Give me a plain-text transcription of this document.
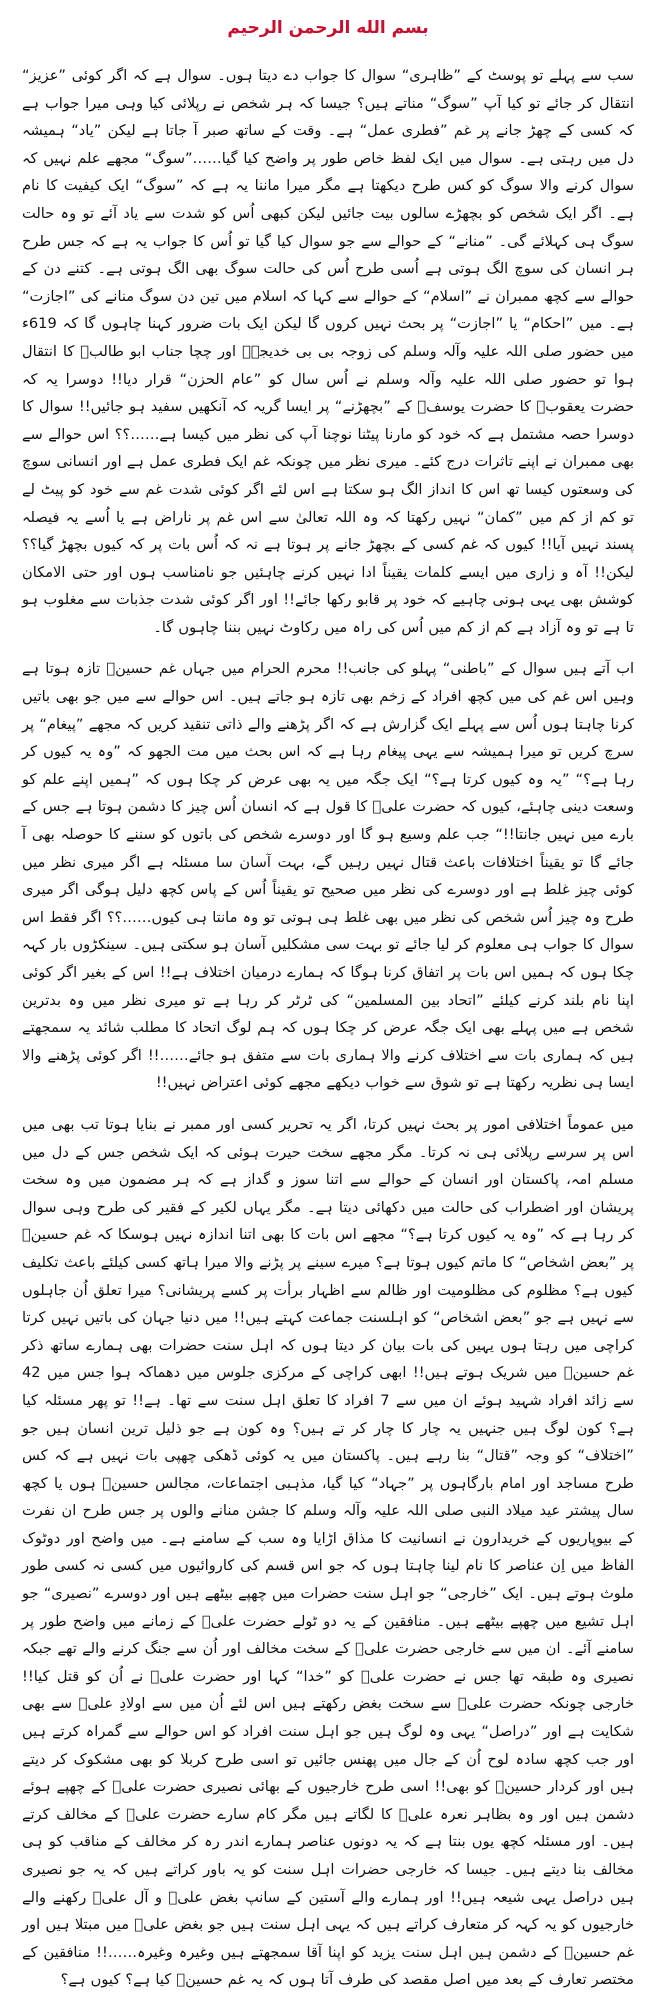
بسم الله الرحمن الرحیم

سب سے پہلے تو پوسٹ کے ”ظاہری“ سوال کا جواب دے دیتا ہوں۔ سوال ہے کہ اگر کوئی ”عزیز“ انتقال کر جائے تو کیا آپ ”سوگ“ مناتے ہیں؟ جیسا کہ ہر شخص نے رپلائی کیا وہی میرا جواب ہے کہ کسی کے چھڑ جانے پر غم ”فطری عمل“ ہے۔ وقت کے ساتھ صبر آ جاتا ہے لیکن ”یاد“ ہمیشہ دل میں رہتی ہے۔ سوال میں ایک لفظ خاص طور پر واضح کیا گیا……”سوگ“ مجھے علم نہیں کہ سوال کرنے والا سوگ کو کس طرح دیکھتا ہے مگر میرا ماننا یہ ہے کہ ”سوگ“ ایک کیفیت کا نام ہے۔ اگر ایک شخص کو بچھڑے سالوں بیت جائیں لیکن کبھی اُس کو شدت سے یاد آئے تو وہ حالت سوگ ہی کہلائے گی۔ ”منانے“ کے حوالے سے جو سوال کیا گیا تو اُس کا جواب یہ ہے کہ جس طرح ہر انسان کی سوچ الگ ہوتی ہے اُسی طرح اُس کی حالت سوگ بھی الگ ہوتی ہے۔ کتنے دن کے حوالے سے کچھ ممبران نے ”اسلام“ کے حوالے سے کہا کہ اسلام میں تین دن سوگ منانے کی ”اجازت“ ہے۔ میں ”احکام“ یا ”اجازت“ پر بحث نہیں کروں گا لیکن ایک بات ضرور کہنا چاہوں گا کہ 619ء میں حضور صلی اللہ علیہ وآلہ وسلم کی زوجہ بی بی خدیجہؓ اور چچا جناب ابو طالبؑ کا انتقال ہوا تو حضور صلی اللہ علیہ وآلہ وسلم نے اُس سال کو ”عام الحزن“ قرار دیا!! دوسرا یہ کہ حضرت یعقوبؑ کا حضرت یوسفؑ کے ”بچھڑنے“ پر ایسا گریہ کہ آنکھیں سفید ہو جائیں!! سوال کا دوسرا حصہ مشتمل ہے کہ خود کو مارنا پیٹنا نوچنا آپ کی نظر میں کیسا ہے……؟؟ اس حوالے سے بھی ممبران نے اپنے تاثرات درج کئے۔ میری نظر میں چونکہ غم ایک فطری عمل ہے اور انسانی سوچ کی وسعتوں کیسا تھ اس کا انداز الگ ہو سکتا ہے اس لئے اگر کوئی شدت غم سے خود کو پیٹ لے تو کم از کم میں ”کمان“ نہیں رکھتا کہ وہ اللہ تعالیٰ سے اس غم پر ناراض ہے یا اُسے یہ فیصلہ پسند نہیں آیا!! کیوں کہ غم کسی کے بچھڑ جانے پر ہوتا ہے نہ کہ اُس بات پر کہ کیوں بچھڑ گیا؟؟ لیکن!! آہ و زاری میں ایسے کلمات یقیناً ادا نہیں کرنے چاہئیں جو نامناسب ہوں اور حتی الامکان کوشش بھی یہی ہونی چاہیے کہ خود پر قابو رکھا جائے!! اور اگر کوئی شدت جذبات سے مغلوب ہو تا ہے تو وہ آزاد ہے کم از کم میں اُس کی راہ میں رکاوٹ نہیں بننا چاہوں گا۔

اب آتے ہیں سوال کے ”باطنی“ پہلو کی جانب!! محرم الحرام میں جہاں غم حسینؑ تازہ ہوتا ہے وہیں اس غم کی میں کچھ افراد کے زخم بھی تازہ ہو جاتے ہیں۔ اس حوالے سے میں جو بھی باتیں کرنا چاہتا ہوں اُس سے پہلے ایک گزارش ہے کہ اگر پڑھنے والے ذاتی تنقید کریں کہ مجھے ”پیغام“ پر سرچ کریں تو میرا ہمیشہ سے یہی پیغام رہا ہے کہ اس بحث میں مت الجھو کہ ”وہ یہ کیوں کر رہا ہے؟“ ”یہ وہ کیوں کرتا ہے؟“ ایک جگہ میں یہ بھی عرض کر چکا ہوں کہ ”ہمیں اپنے علم کو وسعت دینی چاہئے، کیوں کہ حضرت علیؑ کا قول ہے کہ انسان اُس چیز کا دشمن ہوتا ہے جس کے بارے میں نہیں جانتا!!“ جب علم وسیع ہو گا اور دوسرے شخص کی باتوں کو سننے کا حوصلہ بھی آ جائے گا تو یقیناً اختلافات باعث قتال نہیں رہیں گے، بہت آسان سا مسئلہ ہے اگر میری نظر میں کوئی چیز غلط ہے اور دوسرے کی نظر میں صحیح تو یقیناً اُس کے پاس کچھ دلیل ہوگی اگر میری طرح وہ چیز اُس شخص کی نظر میں بھی غلط ہی ہوتی تو وہ مانتا ہی کیوں……؟؟ اگر فقط اس سوال کا جواب ہی معلوم کر لیا جائے تو بہت سی مشکلیں آسان ہو سکتی ہیں۔ سینکڑوں بار کہہ چکا ہوں کہ ہمیں اس بات پر اتفاق کرنا ہوگا کہ ہمارے درمیان اختلاف ہے!! اس کے بغیر اگر کوئی اپنا نام بلند کرنے کیلئے ”اتحاد بین المسلمین“ کی ٹرٹر کر رہا ہے تو میری نظر میں وہ بدترین شخص ہے میں پہلے بھی ایک جگہ عرض کر چکا ہوں کہ ہم لوگ اتحاد کا مطلب شائد یہ سمجھتے ہیں کہ ہماری بات سے اختلاف کرنے والا ہماری بات سے متفق ہو جائے……!! اگر کوئی پڑھنے والا ایسا ہی نظریہ رکھتا ہے تو شوق سے خواب دیکھے مجھے کوئی اعتراض نہیں!!

میں عموماً اختلافی امور پر بحث نہیں کرتا، اگر یہ تحریر کسی اور ممبر نے بنایا ہوتا تب بھی میں اس پر سرسے رپلائی ہی نہ کرتا۔ مگر مجھے سخت حیرت ہوئی کہ ایک شخص جس کے دل میں مسلم امہ، پاکستان اور انسان کے حوالے سے اتنا سوز و گداز ہے کہ ہر مضمون میں وہ سخت پریشان اور اضطراب کی حالت میں دکھائی دیتا ہے۔ مگر یہاں لکیر کے فقیر کی طرح وہی سوال کر رہا ہے کہ ”وہ یہ کیوں کرتا ہے؟“ مجھے اس بات کا بھی اتنا اندازہ نہیں ہوسکا کہ غم حسینؑ پر ”بعض اشخاص“ کا ماتم کیوں ہوتا ہے؟ میرے سینے پر پڑنے والا میرا ہاتھ کسی کیلئے باعث تکلیف کیوں ہے؟ مظلوم کی مظلومیت اور ظالم سے اظہار برأت پر کسے پریشانی؟ میرا تعلق اُن جاہلوں سے نہیں ہے جو ”بعض اشخاص“ کو اہلسنت جماعت کہتے ہیں!! میں دنیا جہان کی باتیں نہیں کرتا کراچی میں رہتا ہوں یہیں کی بات بیان کر دیتا ہوں کہ اہل سنت حضرات بھی ہمارے ساتھ ذکر غم حسینؑ میں شریک ہوتے ہیں!! ابھی کراچی کے مرکزی جلوس میں دھماکہ ہوا جس میں 42 سے زائد افراد شہید ہوئے ان میں سے 7 افراد کا تعلق اہل سنت سے تھا۔ ہے!! تو پھر مسئلہ کیا ہے؟ کون لوگ ہیں جنہیں یہ چار کا چار کر تے ہیں؟ وہ کون ہے جو ذلیل ترین انسان ہیں جو ”اختلاف“ کو وجہ ”قتال“ بنا رہے ہیں۔ پاکستان میں یہ کوئی ڈھکی چھپی بات نہیں ہے کہ کس طرح مساجد اور امام بارگاہوں پر ”جہاد“ کیا گیا، مذہبی اجتماعات، مجالس حسینؑ ہوں یا کچھ سال پیشتر عید میلاد النبی صلی اللہ علیہ وآلہ وسلم کا جشن منانے والوں پر جس طرح ان نفرت کے بیوپاریوں کے خریدارون نے انسانیت کا مذاق اڑایا وہ سب کے سامنے ہے۔ میں واضح اور دوٹوک الفاظ میں اِن عناصر کا نام لینا چاہتا ہوں کہ جو اس قسم کی کاروائیوں میں کسی نہ کسی طور ملوث ہوتے ہیں۔ ایک ”خارجی“ جو اہل سنت حضرات میں چھپے بیٹھے ہیں اور دوسرے ”نصیری“ جو اہل تشیع میں چھپے بیٹھے ہیں۔ منافقین کے یہ دو ٹولے حضرت علیؑ کے زمانے میں واضح طور پر سامنے آئے۔ ان میں سے خارجی حضرت علیؑ کے سخت مخالف اور اُن سے جنگ کرنے والے تھے جبکہ نصیری وہ طبقہ تھا جس نے حضرت علیؑ کو ”خدا“ کہا اور حضرت علیؑ نے اُن کو قتل کیا!! خارجی چونکہ حضرت علیؑ سے سخت بغض رکھتے ہیں اس لئے اُن میں سے اولادِ علیؑ سے بھی شکایت ہے اور ”دراصل“ یہی وہ لوگ ہیں جو اہل سنت افراد کو اس حوالے سے گمراہ کرتے ہیں اور جب کچھ سادہ لوح اُن کے جال میں پھنس جائیں تو اسی طرح کربلا کو بھی مشکوک کر دیتے ہیں اور کردار حسینؑ کو بھی!! اسی طرح خارجیوں کے بھائی نصیری حضرت علیؑ کے چھپے ہوئے دشمن ہیں اور وہ بظاہر نعرہ علیؑ کا لگاتے ہیں مگر کام سارے حضرت علیؑ کے مخالف کرتے ہیں۔ اور مسئلہ کچھ یوں بنتا ہے کہ یہ دونوں عناصر ہمارے اندر رہ کر مخالف کے مناقب کو ہی مخالف بنا دیتے ہیں۔ جیسا کہ خارجی حضرات اہل سنت کو یہ باور کراتے ہیں کہ یہ جو نصیری ہیں دراصل یہی شیعہ ہیں!! اور ہمارے والے آستین کے سانپ بغض علیؑ و آل علیؑ رکھنے والے خارجیوں کو یہ کہہ کر متعارف کراتے ہیں کہ یہی اہل سنت ہیں جو بغض علیؑ میں مبتلا ہیں اور غم حسینؑ کے دشمن ہیں اہل سنت یزید کو اپنا آقا سمجھتے ہیں وغیرہ وغیرہ……!! منافقین کے مختصر تعارف کے بعد میں اصل مقصد کی طرف آتا ہوں کہ یہ غم حسینؑ کیا ہے؟ کیوں ہے؟
